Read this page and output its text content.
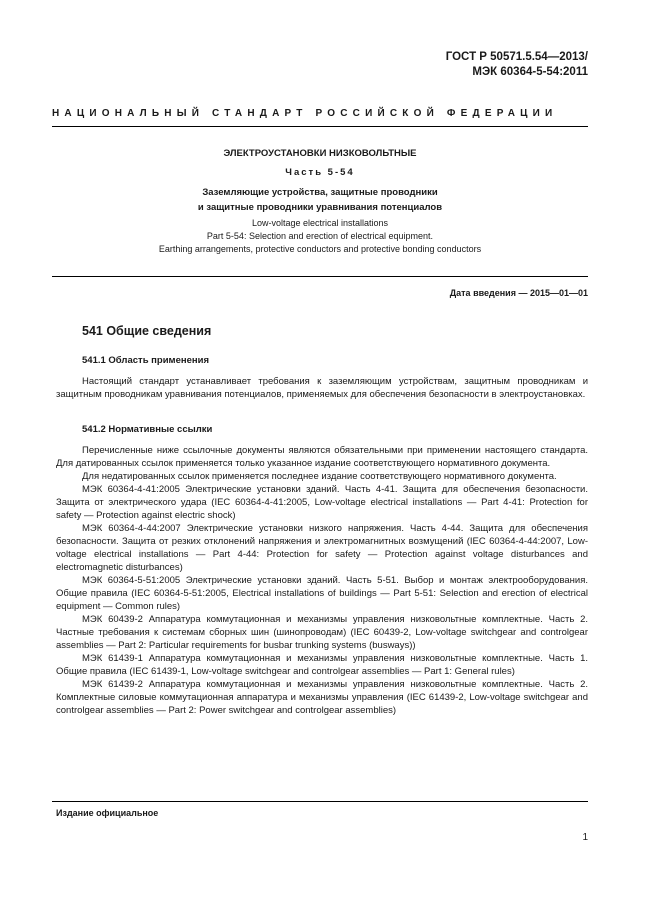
ГОСТ Р 50571.5.54—2013/
МЭК 60364-5-54:2011
НАЦИОНАЛЬНЫЙ СТАНДАРТ РОССИЙСКОЙ ФЕДЕРАЦИИ
ЭЛЕКТРОУСТАНОВКИ НИЗКОВОЛЬТНЫЕ
Часть 5-54
Заземляющие устройства, защитные проводники
и защитные проводники уравнивания потенциалов
Low-voltage electrical installations
Part 5-54: Selection and erection of electrical equipment.
Earthing arrangements, protective conductors and protective bonding conductors
Дата введения — 2015—01—01
541 Общие сведения
541.1 Область применения
Настоящий стандарт устанавливает требования к заземляющим устройствам, защитным проводникам и защитным проводникам уравнивания потенциалов, применяемых для обеспечения безопасности в электроустановках.
541.2 Нормативные ссылки

Перечисленные ниже ссылочные документы являются обязательными при применении настоящего стандарта. Для датированных ссылок применяется только указанное издание соответствующего нормативного документа.

Для недатированных ссылок применяется последнее издание соответствующего нормативного документа.

МЭК 60364-4-41:2005 Электрические установки зданий. Часть 4-41. Защита для обеспечения безопасности. Защита от электрического удара (IEC 60364-4-41:2005, Low-voltage electrical installations — Part 4-41: Protection for safety — Protection against electric shock)

МЭК 60364-4-44:2007 Электрические установки низкого напряжения. Часть 4-44. Защита для обеспечения безопасности. Защита от резких отклонений напряжения и электромагнитных возмущений (IEC 60364-4-44:2007, Low-voltage electrical installations — Part 4-44: Protection for safety — Protection against voltage disturbances and electromagnetic disturbances)

МЭК 60364-5-51:2005 Электрические установки зданий. Часть 5-51. Выбор и монтаж электрооборудования. Общие правила (IEC 60364-5-51:2005, Electrical installations of buildings — Part 5-51: Selection and erection of electrical equipment — Common rules)

МЭК 60439-2 Аппаратура коммутационная и механизмы управления низковольтные комплектные. Часть 2. Частные требования к системам сборных шин (шинопроводам) (IEC 60439-2, Low-voltage switchgear and controlgear assemblies — Part 2: Particular requirements for busbar trunking systems (busways))

МЭК 61439-1 Аппаратура коммутационная и механизмы управления низковольтные комплектные. Часть 1. Общие правила (IEC 61439-1, Low-voltage switchgear and controlgear assemblies — Part 1: General rules)

МЭК 61439-2 Аппаратура коммутационная и механизмы управления низковольтные комплектные. Часть 2. Комплектные силовые коммутационная аппаратура и механизмы управления (IEC 61439-2, Low-voltage switchgear and controlgear assemblies — Part 2: Power switchgear and controlgear assemblies)

Издание официальное
1
